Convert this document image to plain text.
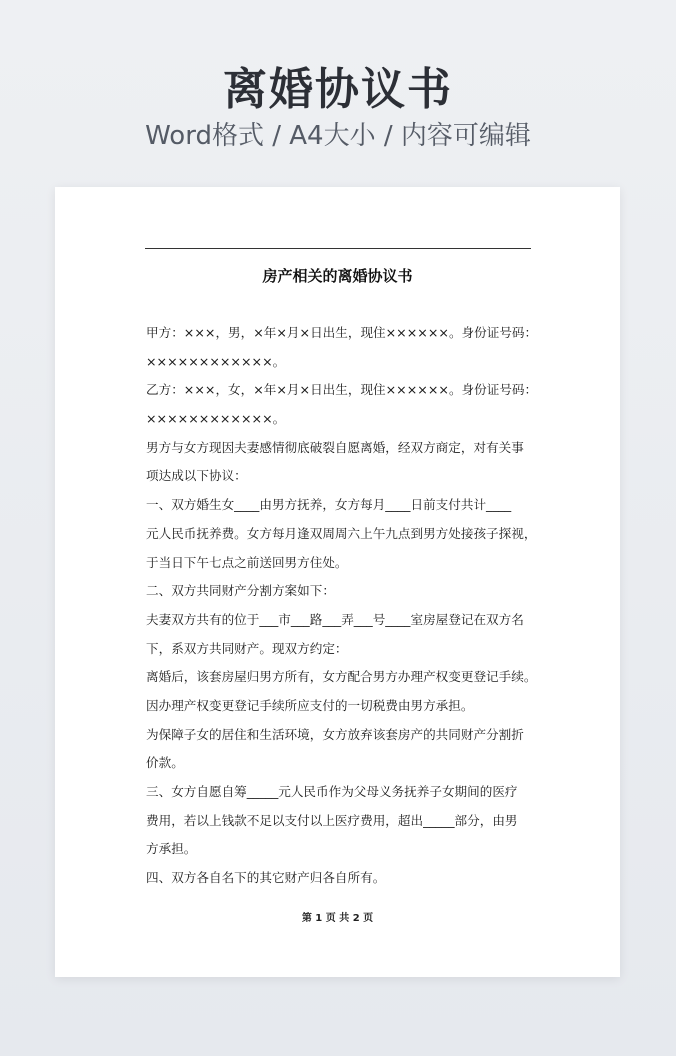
离婚协议书
Word格式 / A4大小 / 内容可编辑
房产相关的离婚协议书
甲方：×××，男，×年×月×日出生，现住××××××。身份证号码：
××××××××××××。
乙方：×××，女，×年×月×日出生，现住××××××。身份证号码：
××××××××××××。
男方与女方现因夫妻感情彻底破裂自愿离婚，经双方商定，对有关事
项达成以下协议：
一、双方婚生女____由男方抚养，女方每月____日前支付共计____
元人民币抚养费。女方每月逢双周周六上午九点到男方处接孩子探视，
于当日下午七点之前送回男方住处。
二、双方共同财产分割方案如下：
夫妻双方共有的位于___市___路___弄___号____室房屋登记在双方名
下，系双方共同财产。现双方约定：
离婚后，该套房屋归男方所有，女方配合男方办理产权变更登记手续。
因办理产权变更登记手续所应支付的一切税费由男方承担。
为保障子女的居住和生活环境，女方放弃该套房产的共同财产分割折
价款。
三、女方自愿自筹_____元人民币作为父母义务抚养子女期间的医疗
费用，若以上钱款不足以支付以上医疗费用，超出_____部分，由男
方承担。
四、双方各自名下的其它财产归各自所有。
第 1 页 共 2 页
